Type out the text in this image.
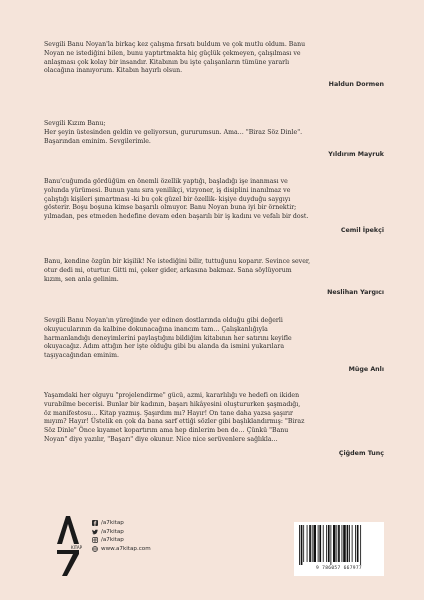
Sevgili Banu Noyan'la birkaç kez çalışma fırsatı buldum ve çok mutlu oldum. Banu
Noyan ne istediğini bilen, bunu yaptırtmakta hiç güçlük çekmeyen, çalışılması ve
anlaşması çok kolay bir insandır. Kitabının bu işte çalışanların tümüne yararlı
olacağına inanıyorum. Kitabın hayırlı olsun.

Haldun Dormen

Sevgili Kızım Banu;
Her şeyin üstesinden geldin ve geliyorsun, gururumsun. Ama… "Biraz Söz Dinle".
Başarından eminim. Sevgilerimle.

Yıldırım Mayruk

Banu'cuğumda gördüğüm en önemli özellik yaptığı, başladığı işe inanması ve
yolunda yürümesi. Bunun yanı sıra yenilikçi, vizyoner, iş disiplini inanılmaz ve
çalıştığı kişileri şımartması -ki bu çok güzel bir özellik- kişiye duyduğu saygıyı
gösterir. Boşu boşuna kimse başarılı olmuyor. Banu Noyan buna iyi bir örnektir;
yılmadan, pes etmeden hedefine devam eden başarılı bir iş kadını ve vefalı bir dost.

Cemil İpekçi

Banu, kendine özgün bir kişilik! Ne istediğini bilir, tuttuğunu koparır. Sevince sever,
otur dedi mi, oturtur. Gitti mi, çeker gider, arkasına bakmaz. Sana söylüyorum
kızım, sen anla gelinim.

Neslihan Yargıcı

Sevgili Banu Noyan'ın yüreğinde yer edinen dostlarında olduğu gibi değerli
okuyucularının da kalbine dokunacağına inancım tam… Çalışkanlığıyla
harmanlandığı deneyimlerini paylaştığını bildiğim kitabının her satırını keyifle
okuyacağız. Adım attığın her işte olduğu gibi bu alanda da ismini yukarılara
taşıyacağından eminim.

Müge Anlı

Yaşamdaki her olguyu "projelendirme" gücü, azmi, kararlılığı ve hedefi on ikiden
vurabilme becerisi. Bunlar bir kadının, başarı hikâyesini oluştururken şaşmadığı,
öz manifestosu… Kitap yazmış. Şaşırdım mı? Hayır! On tane daha yazsa şaşırır
mıyım? Hayır! Üstelik en çok da bana sarf ettiği sözler gibi başlıklandırmış: "Biraz
Söz Dinle" Önce kıyamet kopartırım ama hep dinlerim ben de… Çünkü "Banu
Noyan" diye yazılır, "Başarı" diye okunur. Nice nice serüvenlere sağlıkla…

Çiğdem Tunç
KITAP
/a7kitap
/a7kitap
/a7kitap
www.a7kitap.com
9 786057 667977
